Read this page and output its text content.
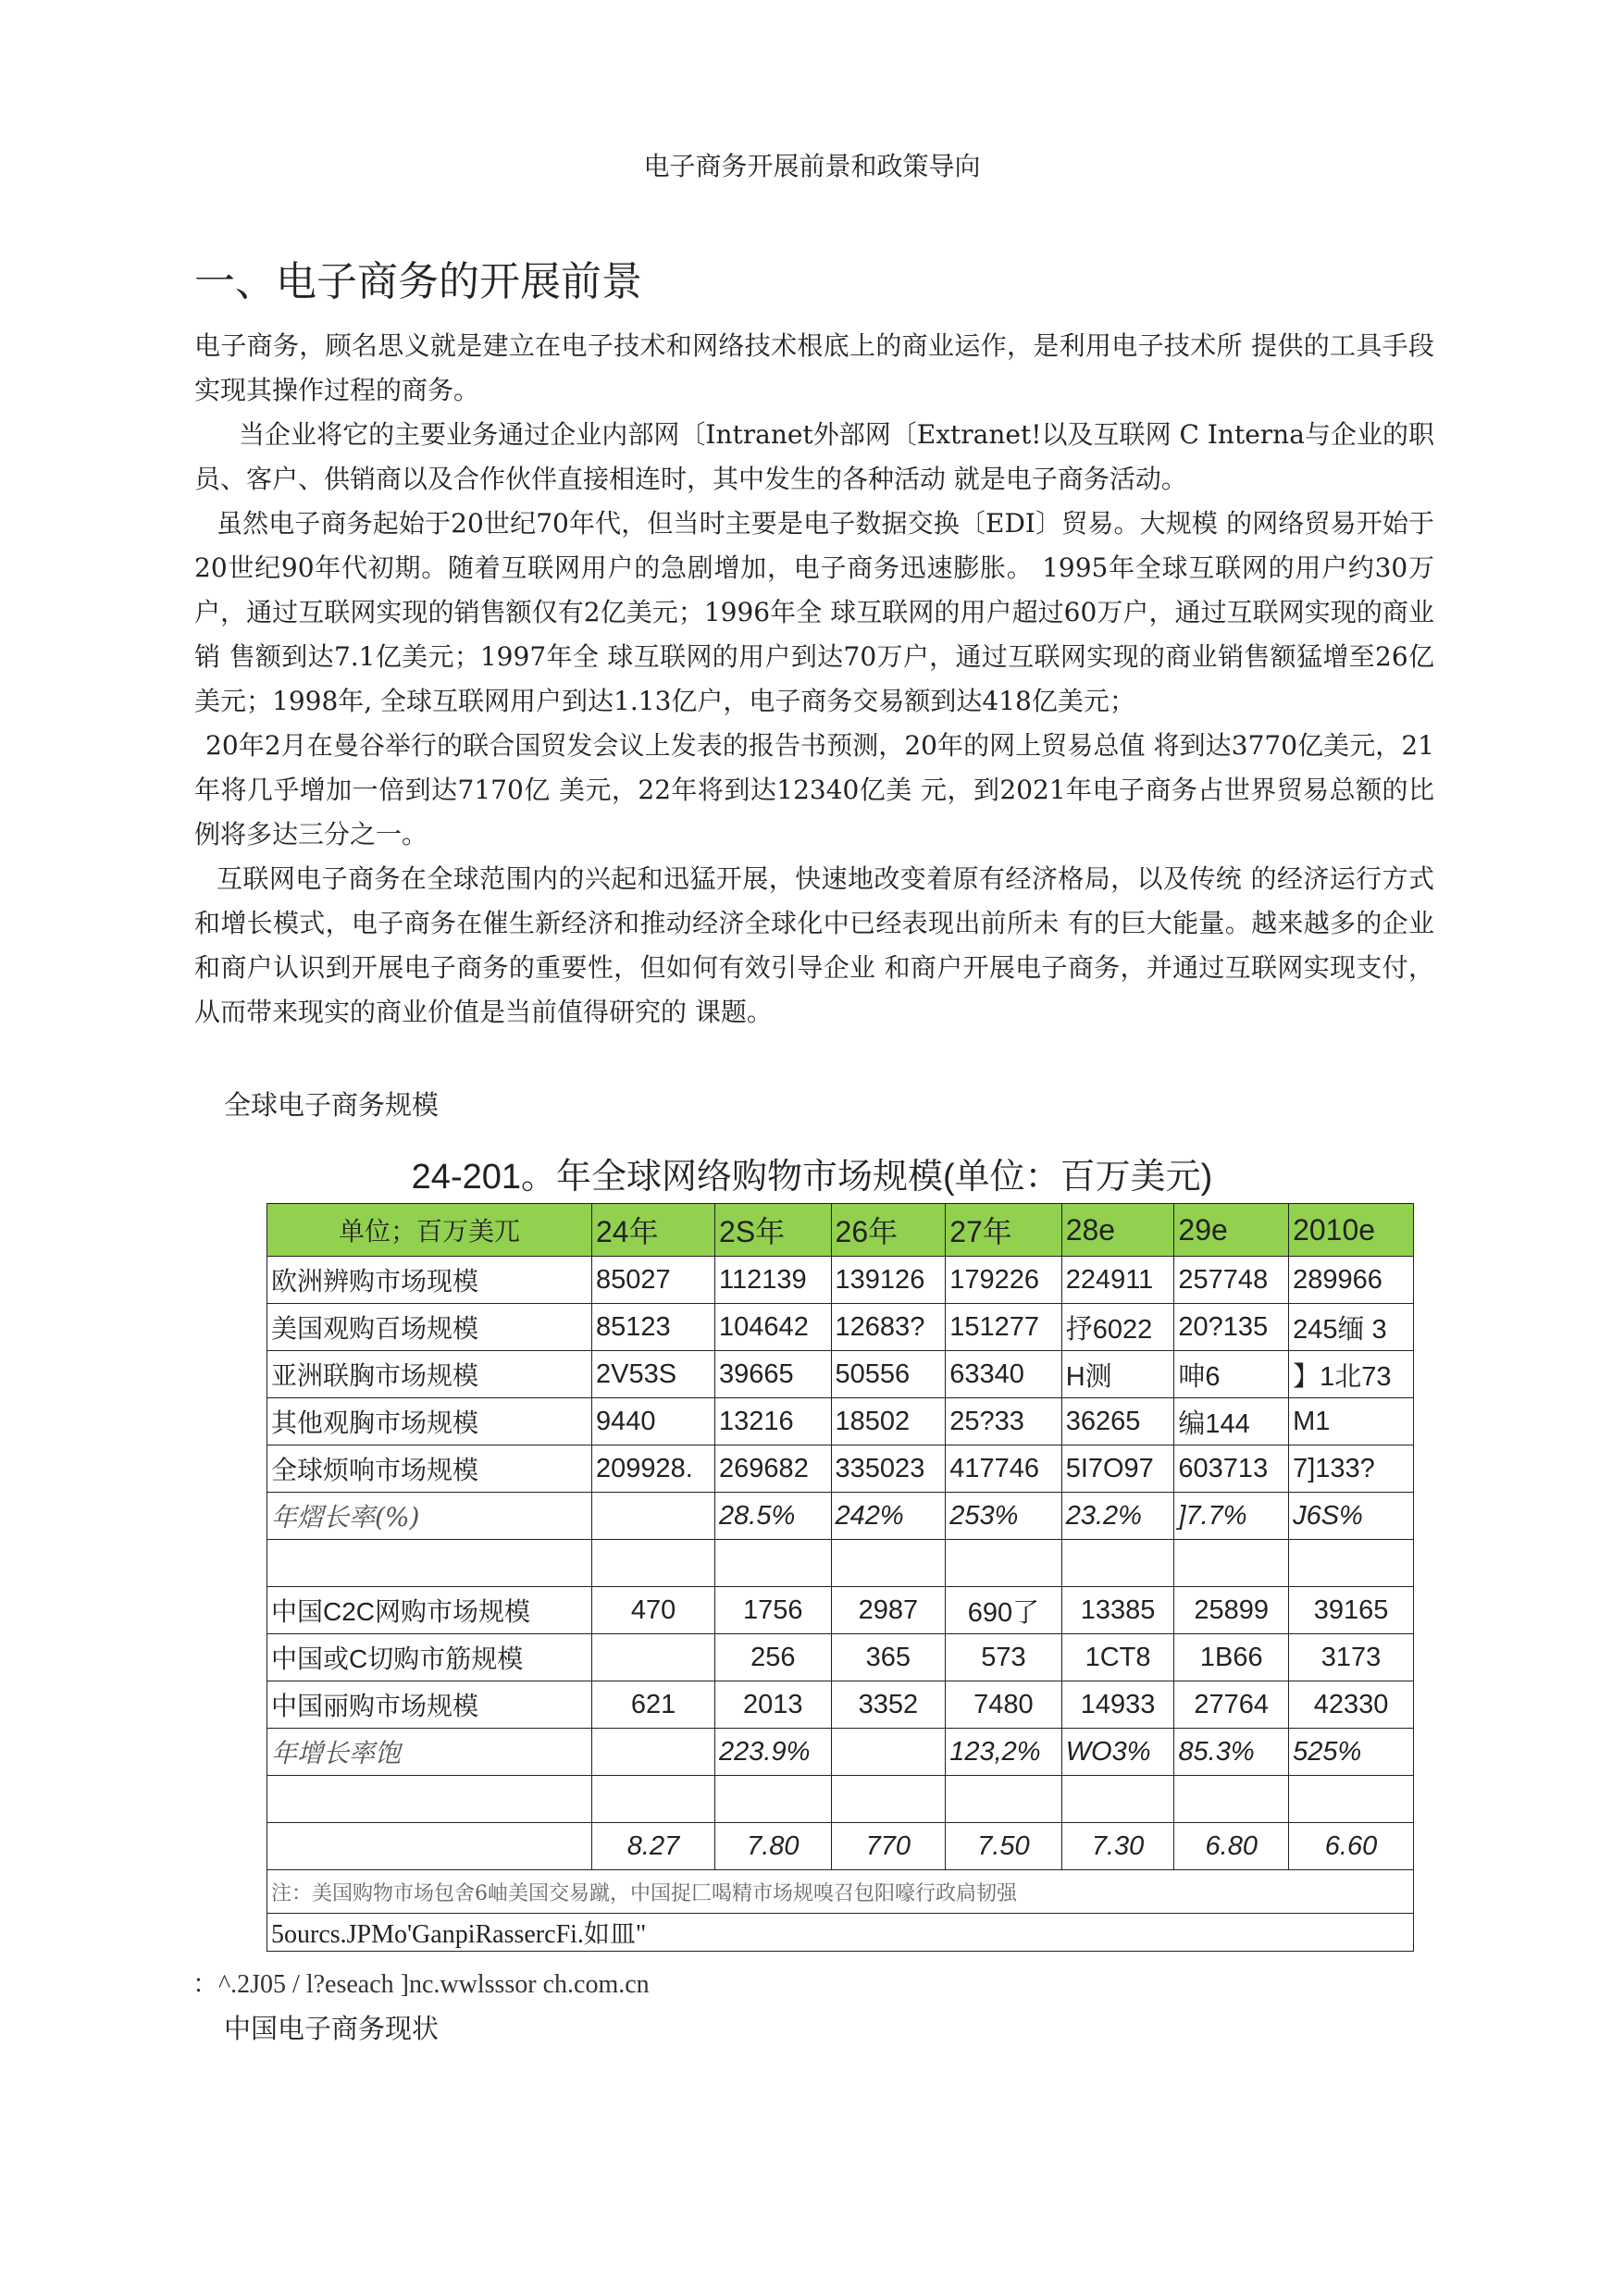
电子商务开展前景和政策导向
一、电子商务的开展前景

电子商务，顾名思义就是建立在电子技术和网络技术根底上的商业运作，是利用电子技术所 提供的工具手段实现其操作过程的商务。

当企业将它的主要业务通过企业内部网〔Intranet外部网〔Extranet!以及互联网 C Interna与企业的职员、客户、供销商以及合作伙伴直接相连时，其中发生的各种活动 就是电子商务活动。

虽然电子商务起始于20世纪70年代，但当时主要是电子数据交换〔EDI〕贸易。大规模 的网络贸易开始于20世纪90年代初期。随着互联网用户的急剧增加，电子商务迅速膨胀。 1995年全球互联网的用户约30万户，通过互联网实现的销售额仅有2亿美元；1996年全 球互联网的用户超过60万户，通过互联网实现的商业销 售额到达7.1亿美元；1997年全 球互联网的用户到达70万户，通过互联网实现的商业销售额猛增至26亿美元；1998年, 全球互联网用户到达1.13亿户，电子商务交易额到达418亿美元；

20年2月在曼谷举行的联合国贸发会议上发表的报告书预测，20年的网上贸易总值 将到达3770亿美元，21年将几乎增加一倍到达7170亿 美元，22年将到达12340亿美 元，到2021年电子商务占世界贸易总额的比例将多达三分之一。

互联网电子商务在全球范围内的兴起和迅猛开展，快速地改变着原有经济格局，以及传统 的经济运行方式和增长模式，电子商务在催生新经济和推动经济全球化中已经表现出前所未 有的巨大能量。越来越多的企业和商户认识到开展电子商务的重要性，但如何有效引导企业 和商户开展电子商务，并通过互联网实现支付，从而带来现实的商业价值是当前值得研究的 课题。

全球电子商务规模
24-201。年全球网络购物市场规模(单位：百万美元)
单位；百万美兀	24年	2S年	26年	27年	28e	29e	2010e
欧洲辨购市场现模	85027	112139	139126	179226	224911	257748	289966
美国观购百场规模	85123	104642	12683?	151277	抒6022	20?135	245缅 3
亚洲联胸市场规模	2V53S	39665	50556	63340	H测	呻6	】1北73
其他观胸市场规模	9440	13216	18502	25?33	36265	编144	M1
全球烦响市场规模	209928.	269682	335023	417746	5I7O97	603713	7]133?
年熠长率(%)		28.5%	242%	253%	23.2%	]7.7%	J6S%

中国C2C网购市场规模	470	1756	2987	690了	13385	25899	39165
中国或C切购市筋规模		256	365	573	1CT8	1B66	3173
中国丽购市场规模	621	2013	3352	7480	14933	27764	42330
年增长率饱		223.9%		123,2%	WO3%	85.3%	525%

	8.27	7.80	770	7.50	7.30	6.80	6.60
注：美国购物市场包舍6岫美国交易蹴，中国捉匚喝精市场规嗅召包阳嚎行政扃韧强							
5ourcs.JPMo'GanpiRassercFi.如皿"							
：^.2J05 / l?eseach ]nc.wwlsssor ch.com.cn
中国电子商务现状
